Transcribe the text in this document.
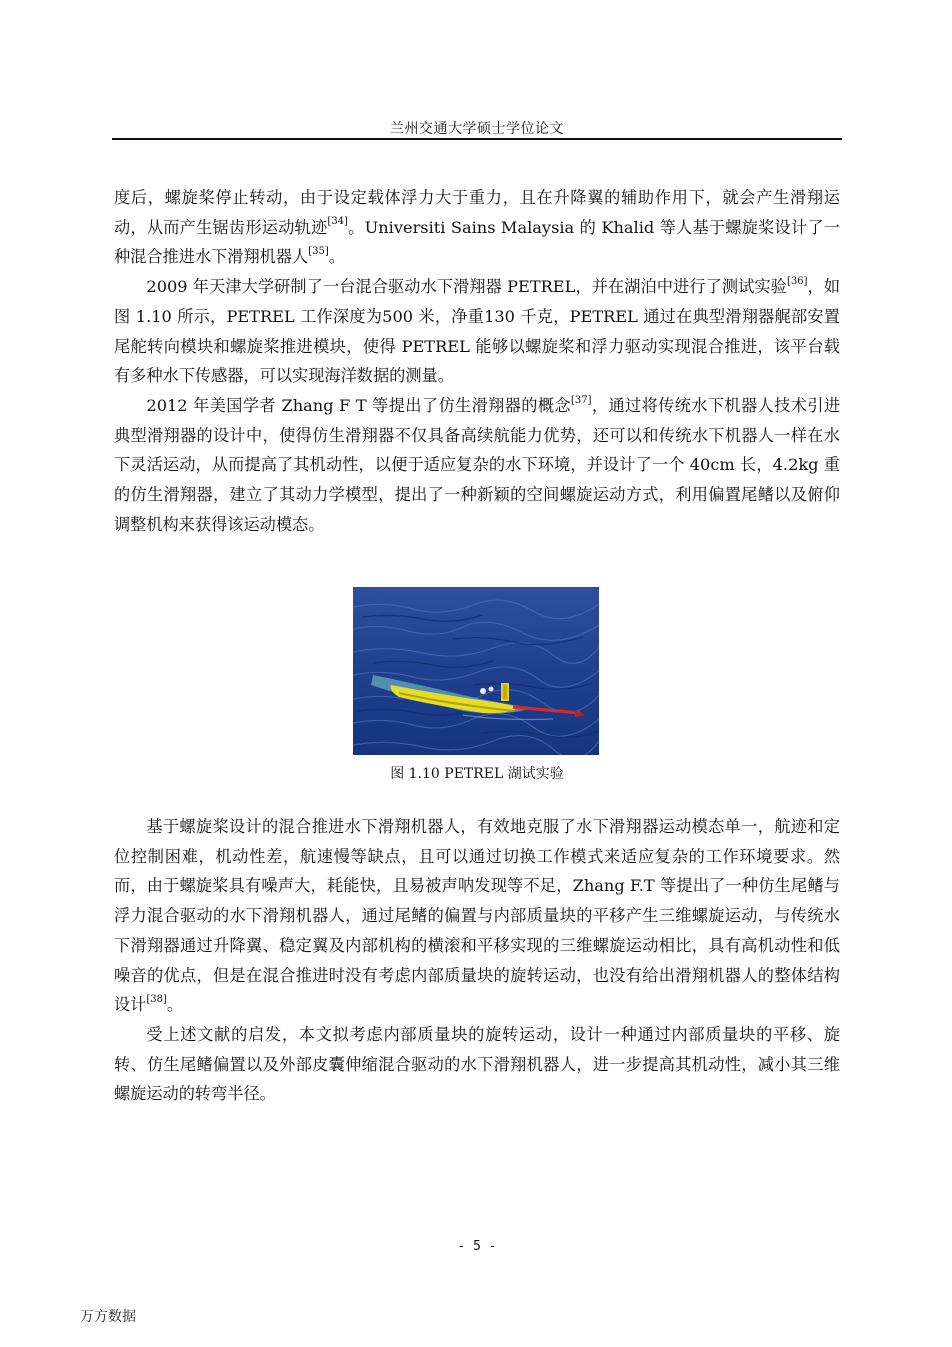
兰州交通大学硕士学位论文

度后，螺旋桨停止转动，由于设定载体浮力大于重力，且在升降翼的辅助作用下，就会产生滑翔运动，从而产生锯齿形运动轨迹[34]。Universiti Sains Malaysia 的 Khalid 等人基于螺旋桨设计了一种混合推进水下滑翔机器人[35]。

2009 年天津大学研制了一台混合驱动水下滑翔器 PETREL，并在湖泊中进行了测试实验[36]，如图 1.10 所示，PETREL 工作深度为500 米，净重130 千克，PETREL 通过在典型滑翔器艉部安置尾舵转向模块和螺旋桨推进模块，使得 PETREL 能够以螺旋桨和浮力驱动实现混合推进，该平台载有多种水下传感器，可以实现海洋数据的测量。

2012 年美国学者 Zhang F T 等提出了仿生滑翔器的概念[37]，通过将传统水下机器人技术引进典型滑翔器的设计中，使得仿生滑翔器不仅具备高续航能力优势，还可以和传统水下机器人一样在水下灵活运动，从而提高了其机动性，以便于适应复杂的水下环境，并设计了一个 40cm 长，4.2kg 重的仿生滑翔器，建立了其动力学模型，提出了一种新颖的空间螺旋运动方式，利用偏置尾鳍以及俯仰调整机构来获得该运动模态。

图 1.10 PETREL 湖试实验

基于螺旋桨设计的混合推进水下滑翔机器人，有效地克服了水下滑翔器运动模态单一，航迹和定位控制困难，机动性差，航速慢等缺点，且可以通过切换工作模式来适应复杂的工作环境要求。然而，由于螺旋桨具有噪声大，耗能快，且易被声呐发现等不足，Zhang F.T 等提出了一种仿生尾鳍与浮力混合驱动的水下滑翔机器人，通过尾鳍的偏置与内部质量块的平移产生三维螺旋运动，与传统水下滑翔器通过升降翼、稳定翼及内部机构的横滚和平移实现的三维螺旋运动相比，具有高机动性和低噪音的优点，但是在混合推进时没有考虑内部质量块的旋转运动，也没有给出滑翔机器人的整体结构设计[38]。

受上述文献的启发，本文拟考虑内部质量块的旋转运动，设计一种通过内部质量块的平移、旋转、仿生尾鳍偏置以及外部皮囊伸缩混合驱动的水下滑翔机器人，进一步提高其机动性，减小其三维螺旋运动的转弯半径。

- 5 -
万方数据
